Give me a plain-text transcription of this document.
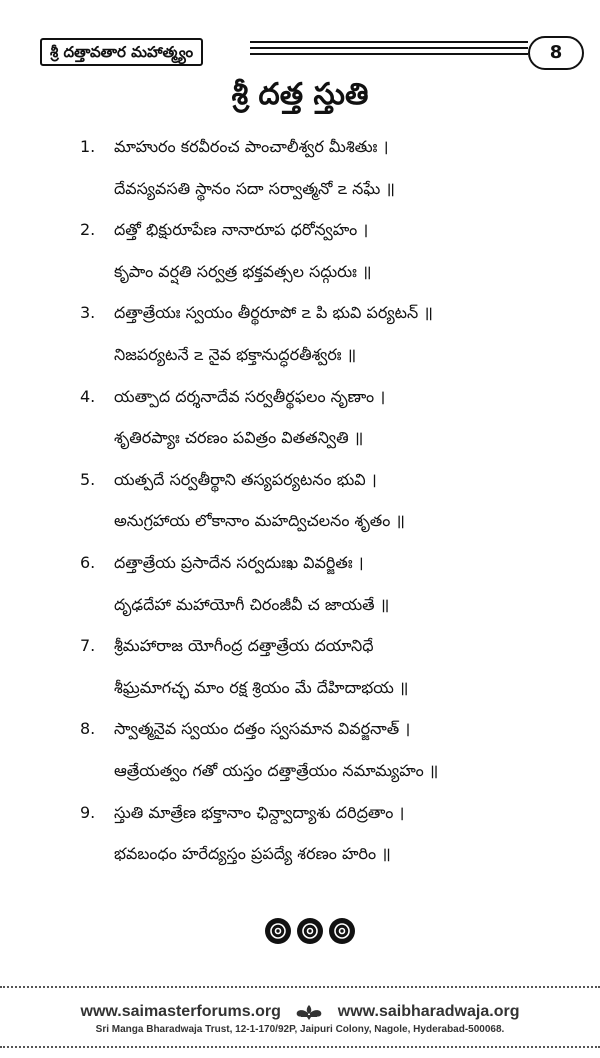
శ్రీ దత్తావతార మహాత్మ్యం	8
శ్రీ దత్త స్తుతి
1. మాహురం కరవీరంచ పాంచాలీశ్వర మీశితుః ।
దేవస్యవసతి స్థానం సదా సర్వాత్మనో ౽ నఘే ॥
2. దత్తో భిక్షురూపేణ నానారూప ధరోన్వహం ।
కృపాం వర్షతి సర్వత్ర భక్తవత్సల సద్గురుః ॥
3. దత్తాత్రేయః స్వయం తీర్థరూపో ౽ పి భువి పర్యటన్ ॥
నిజపర్యటనే ౽ నైవ భక్తానుద్ధరతీశ్వరః ॥
4. యత్పాద దర్శనాదేవ సర్వతీర్థఫలం నృణాం ।
శృతిరప్యాః చరణం పవిత్రం వితతన్వితి ॥
5. యత్పదే సర్వతీర్థాని తస్యపర్యటనం భువి ।
అనుగ్రహాయ లోకానాం మహద్విచలనం శృతం ॥
6. దత్తాత్రేయ ప్రసాదేన సర్వదుఃఖ వివర్జితః ।
దృఢదేహా మహాయోగీ చిరంజీవీ చ జాయతే ॥
7. శ్రీమహారాజ యోగీంద్ర దత్తాత్రేయ దయానిధే
శీఘ్రమాగచ్ఛ మాం రక్ష శ్రియం మే దేహిదాభయ ॥
8. స్వాత్మనైవ స్వయం దత్తం స్వసమాన వివర్జనాత్ ।
ఆత్రేయత్వం గతో యస్తం దత్తాత్రేయం నమామ్యహం ॥
9. స్తుతి మాత్రేణ భక్తానాం ఛిన్ద్వాద్యాశు దరిద్రతాం ।
భవబంధం హరేద్యస్తం ప్రపద్యే శరణం హరిం ॥
www.saimasterforums.org	www.saibharadwaja.org
Sri Manga Bharadwaja Trust, 12-1-170/92P, Jaipuri Colony, Nagole, Hyderabad-500068.
